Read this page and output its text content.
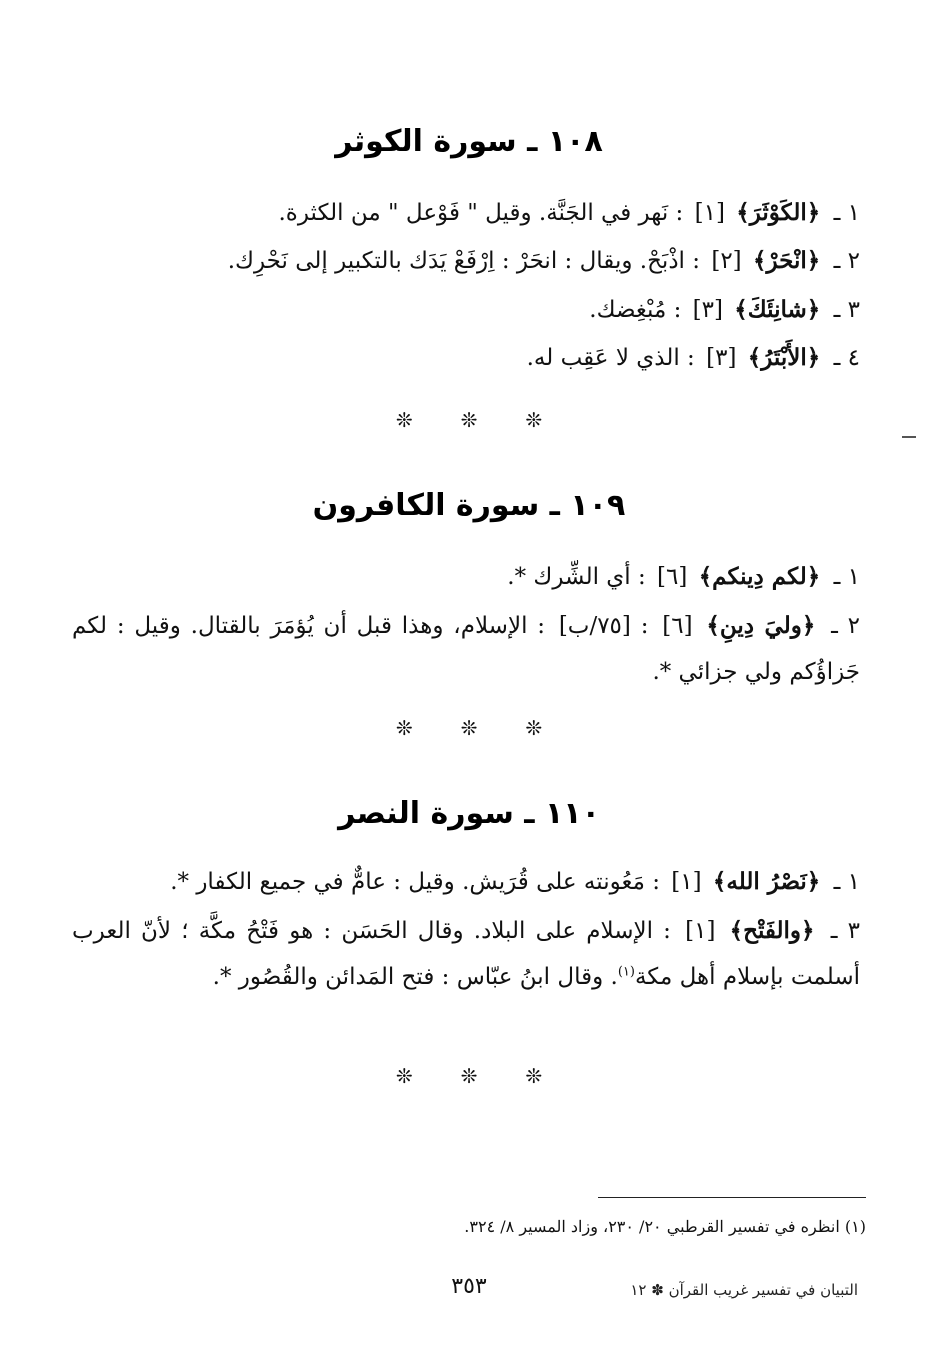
١٠٨ ـ سورة الكوثر

١ ـ ﴿الكَوْثَرَ﴾ [١] : نَهر في الجَنَّة. وقيل " فَوْعل " من الكثرة.

٢ ـ ﴿انْحَرْ﴾ [٢] : اذْبَحْ. ويقال : انحَرْ : اِرْفَعْ يَدَك بالتكبير إلى نَحْرِك.

٣ ـ ﴿شانِئَكَ﴾ [٣] : مُبْغِضك.

٤ ـ ﴿الأَبْتَرُ﴾ [٣] : الذي لا عَقِب له.

❊❊❊
١٠٩ ـ سورة الكافرون

١ ـ ﴿لكم دِينكم﴾ [٦] : أي الشِّرك *.

٢ ـ ﴿وليَ دِينِ﴾ [٦] : [٧٥/ب] : الإسلام، وهذا قبل أن يُؤمَرَ بالقتال. وقيل : لكم جَزاؤُكم ولي جزائي *.

❊❊❊
١١٠ ـ سورة النصر

١ ـ ﴿نَصْرُ الله﴾ [١] : مَعُونته على قُرَيش. وقيل : عامٌّ في جميع الكفار *.

٣ ـ ﴿والفَتْح﴾ [١] : الإسلام على البلاد. وقال الحَسَن : هو فَتْحُ مكَّة ؛ لأنّ العرب أسلمت بإسلام أهل مكة$^{(١)}$. وقال ابنُ عبّاس : فتح المَدائن والقُصُور *.

❊❊❊

(١) انظره في تفسير القرطبي ٢٠/ ٢٣٠، وزاد المسير ٨/ ٣٢٤.

٣٥٣	التبيان في تفسير غريب القرآن ✽ ١٢
